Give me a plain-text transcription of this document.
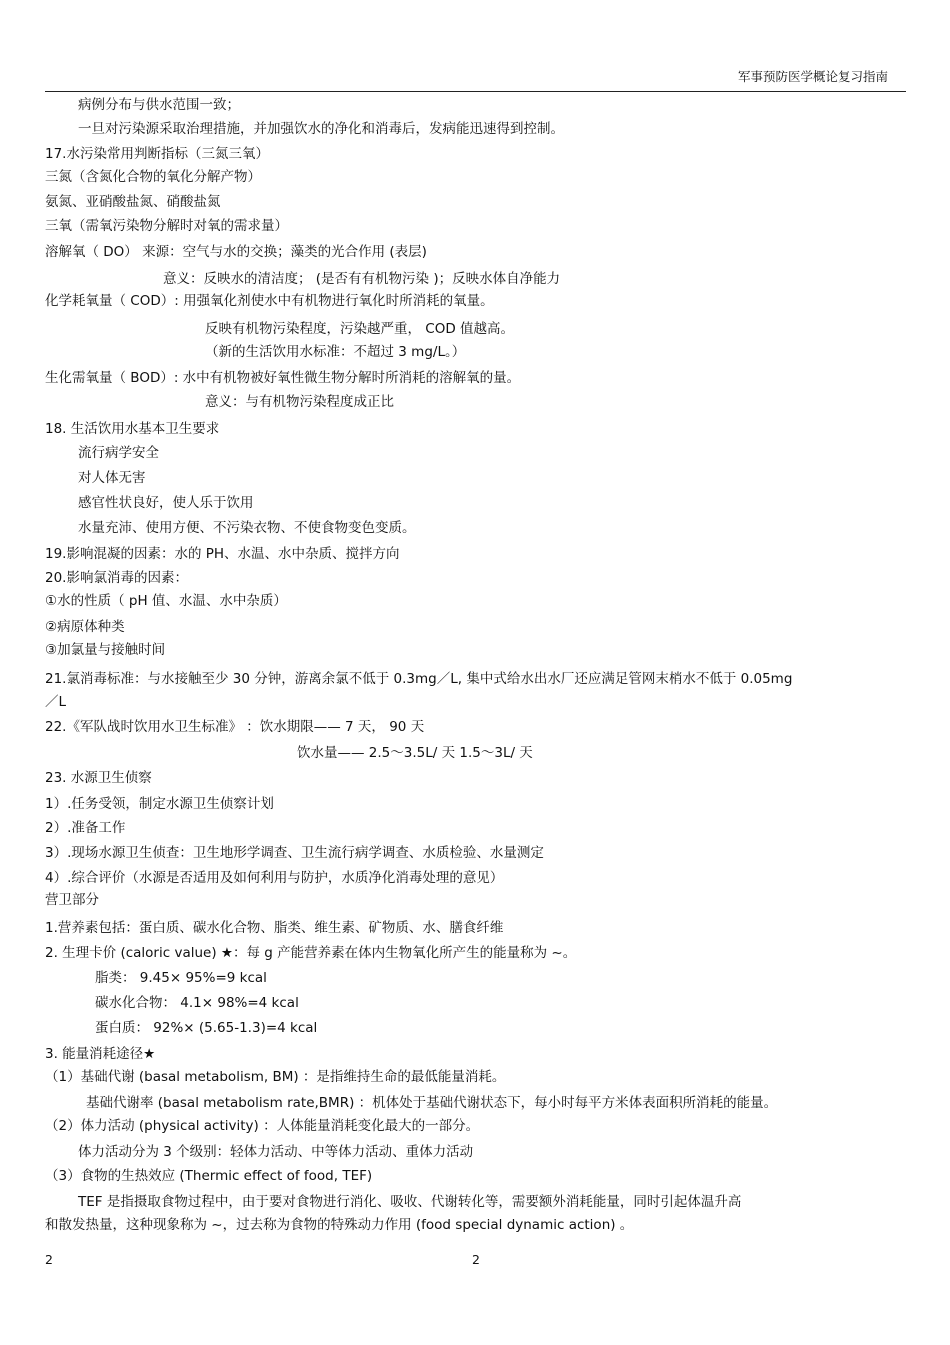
军事预防医学概论复习指南
病例分布与供水范围一致；
一旦对污染源采取治理措施，并加强饮水的净化和消毒后，发病能迅速得到控制。
17.水污染常用判断指标（三氮三氧）
三氮（含氮化合物的氧化分解产物）
氨氮、亚硝酸盐氮、硝酸盐氮
三氧（需氧污染物分解时对氧的需求量）
溶解氧（ DO） 来源：空气与水的交换；藻类的光合作用 (表层)
意义：反映水的清洁度； (是否有有机物污染 )；反映水体自净能力
化学耗氧量（ COD）: 用强氧化剂使水中有机物进行氧化时所消耗的氧量。
反映有机物污染程度，污染越严重， COD 值越高。
（新的生活饮用水标准：不超过 3 mg/L。）
生化需氧量（ BOD）: 水中有机物被好氧性微生物分解时所消耗的溶解氧的量。
意义：与有机物污染程度成正比
18. 生活饮用水基本卫生要求
流行病学安全
对人体无害
感官性状良好，使人乐于饮用
水量充沛、使用方便、不污染衣物、不使食物变色变质。
19.影响混凝的因素：水的 PH、水温、水中杂质、搅拌方向
20.影响氯消毒的因素：
①水的性质（ pH 值、水温、水中杂质）
②病原体种类
③加氯量与接触时间
21.氯消毒标准：与水接触至少 30 分钟，游离余氯不低于 0.3mg／L, 集中式给水出水厂还应满足管网末梢水不低于 0.05mg
／L
22.《军队战时饮用水卫生标准》 ：饮水期限—— 7 天， 90 天
饮水量—— 2.5～3.5L/ 天 1.5～3L/ 天
23. 水源卫生侦察
1）.任务受领，制定水源卫生侦察计划
2）.准备工作
3）.现场水源卫生侦查：卫生地形学调查、卫生流行病学调查、水质检验、水量测定
4）.综合评价（水源是否适用及如何利用与防护，水质净化消毒处理的意见）
营卫部分
1.营养素包括：蛋白质、碳水化合物、脂类、维生素、矿物质、水、膳食纤维
2. 生理卡价 (caloric value) ★：每 g 产能营养素在体内生物氧化所产生的能量称为 ~。
脂类： 9.45× 95%=9 kcal
碳水化合物： 4.1× 98%=4 kcal
蛋白质： 92%× (5.65-1.3)=4 kcal
3. 能量消耗途径★
（1）基础代谢 (basal metabolism, BM) ：是指维持生命的最低能量消耗。
基础代谢率 (basal metabolism rate,BMR) ：机体处于基础代谢状态下，每小时每平方米体表面积所消耗的能量。
（2）体力活动 (physical activity) ：人体能量消耗变化最大的一部分。
体力活动分为 3 个级别：轻体力活动、中等体力活动、重体力活动
（3）食物的生热效应 (Thermic effect of food, TEF)
TEF 是指摄取食物过程中，由于要对食物进行消化、吸收、代谢转化等，需要额外消耗能量，同时引起体温升高
和散发热量，这种现象称为 ~，过去称为食物的特殊动力作用 (food special dynamic action) 。
2	2
